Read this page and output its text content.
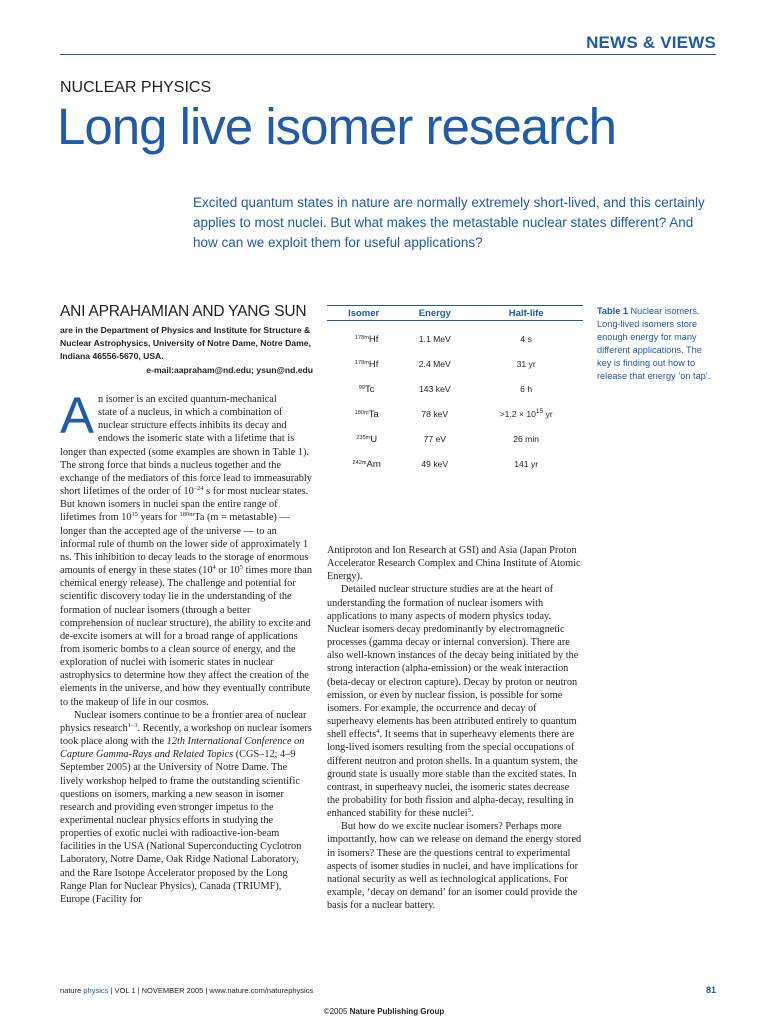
NEWS & VIEWS
NUCLEAR PHYSICS
Long live isomer research
Excited quantum states in nature are normally extremely short-lived, and this certainly applies to most nuclei. But what makes the metastable nuclear states different? And how can we exploit them for useful applications?
ANI APRAHAMIAN AND YANG SUN
are in the Department of Physics and Institute for Structure & Nuclear Astrophysics, University of Notre Dame, Notre Dame, Indiana 46556-5670, USA.
e-mail:aapraham@nd.edu; ysun@nd.edu

An isomer is an excited quantum-mechanical
state of a nucleus, in which a combination of nuclear structure effects inhibits its decay and endows the isomeric state with a lifetime that is longer than expected (some examples are shown in Table 1). The strong force that binds a nucleus together and the exchange of the mediators of this force lead to immeasurably short lifetimes of the order of $10^{-24}$ s for most nuclear states. But known isomers in nuclei span the entire range of lifetimes from $10^{15}$ years for $^{180m}$Ta (m = metastable) — longer than the accepted age of the universe — to an informal rule of thumb on the lower side of approximately 1 ns. This inhibition to decay leads to the storage of enormous amounts of energy in these states ($10^4$ or $10^5$ times more than chemical energy release). The challenge and potential for scientific discovery today lie in the understanding of the formation of nuclear isomers (through a better comprehension of nuclear structure), the ability to excite and de-excite isomers at will for a broad range of applications from isomeric bombs to a clean source of energy, and the exploration of nuclei with isomeric states in nuclear astrophysics to determine how they affect the creation of the elements in the universe, and how they eventually contribute to the makeup of life in our cosmos.

Nuclear isomers continue to be a frontier area of nuclear physics research$^{1-3}$. Recently, a workshop on nuclear isomers took place along with the 12th International Conference on Capture Gamma-Rays and Related Topics (CGS–12; 4–9 September 2005) at the University of Notre Dame. The lively workshop helped to frame the outstanding scientific questions on isomers, marking a new season in isomer research and providing even stronger impetus to the experimental nuclear physics efforts in studying the properties of exotic nuclei with radioactive-ion-beam facilities in the USA (National Superconducting Cyclotron Laboratory, Notre Dame, Oak Ridge National Laboratory, and the Rare Isotope Accelerator proposed by the Long Range Plan for Nuclear Physics), Canada (TRIUMF), Europe (Facility for

Isomer	Energy	Half-life
$^{178m}$Hf	1.1 MeV	4 s
$^{178m}$Hf	2.4 MeV	31 yr
$^{99}$Tc	143 keV	6 h
$^{180m}$Ta	78 keV	$>1.2 \times 10^{15}$ yr
$^{235m}$U	77 eV	26 min
$^{242m}$Am	49 keV	141 yr
Table 1 Nuclear isomers. Long-lived isomers store enough energy for many different applications. The key is finding out how to release that energy ‘on tap’.

Antiproton and Ion Research at GSI) and Asia (Japan Proton Accelerator Research Complex and China Institute of Atomic Energy).

Detailed nuclear structure studies are at the heart of understanding the formation of nuclear isomers with applications to many aspects of modern physics today. Nuclear isomers decay predominantly by electromagnetic processes (gamma decay or internal conversion). There are also well-known instances of the decay being initiated by the strong interaction (alpha-emission) or the weak interaction (beta-decay or electron capture). Decay by proton or neutron emission, or even by nuclear fission, is possible for some isomers. For example, the occurrence and decay of superheavy elements has been attributed entirely to quantum shell effects$^4$. It seems that in superheavy elements there are long-lived isomers resulting from the special occupations of different neutron and proton shells. In a quantum system, the ground state is usually more stable than the excited states. In contrast, in superheavy nuclei, the isomeric states decrease the probability for both fission and alpha-decay, resulting in enhanced stability for these nuclei$^5$.

But how do we excite nuclear isomers? Perhaps more importantly, how can we release on demand the energy stored in isomers? These are the questions central to experimental aspects of isomer studies in nuclei, and have implications for national security as well as technological applications. For example, ‘decay on demand’ for an isomer could provide the basis for a nuclear battery.

nature physics | VOL 1 | NOVEMBER 2005 | www.nature.com/naturephysics	81
©2005 Nature Publishing Group
